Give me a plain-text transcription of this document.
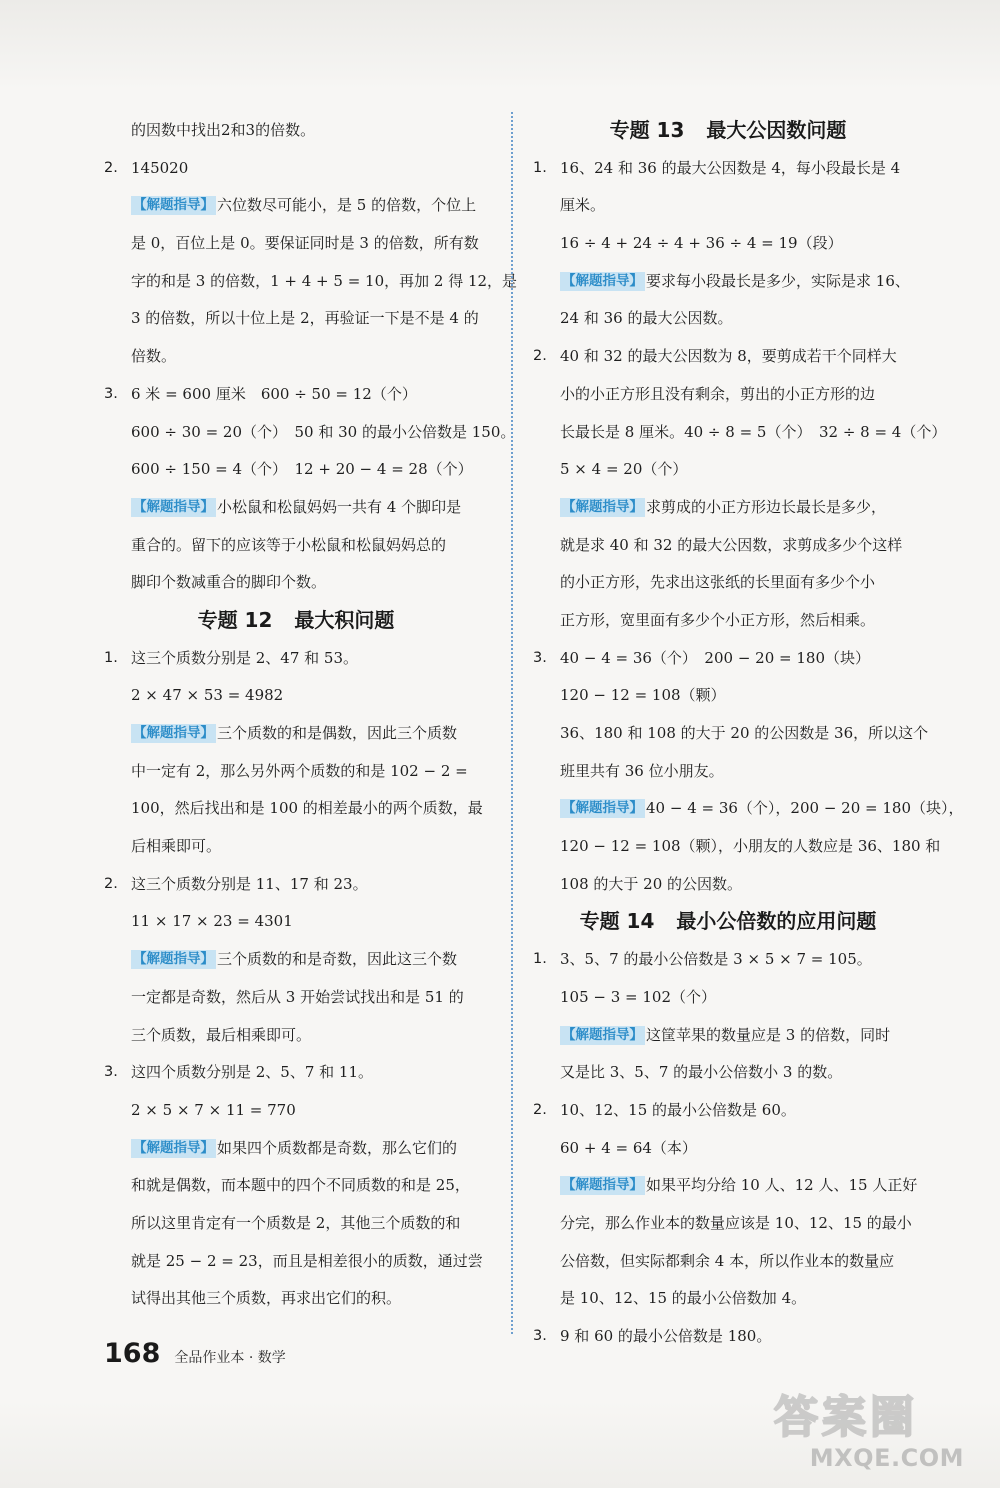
的因数中找出2和3的倍数。
2. 145020
【解题指导】 六位数尽可能小，是 5 的倍数，个位上
是 0，百位上是 0。要保证同时是 3 的倍数，所有数
字的和是 3 的倍数，1 + 4 + 5 = 10，再加 2 得 12，是
3 的倍数，所以十位上是 2，再验证一下是不是 4 的
倍数。
3. 6 米 = 600 厘米　600 ÷ 50 = 12（个）
600 ÷ 30 = 20（个）　50 和 30 的最小公倍数是 150。
600 ÷ 150 = 4（个）　12 + 20 − 4 = 28（个）
【解题指导】 小松鼠和松鼠妈妈一共有 4 个脚印是
重合的。留下的应该等于小松鼠和松鼠妈妈总的
脚印个数减重合的脚印个数。
专题 12 最大积问题
1. 这三个质数分别是 2、47 和 53。
2 × 47 × 53 = 4982
【解题指导】 三个质数的和是偶数，因此三个质数
中一定有 2，那么另外两个质数的和是 102 − 2 =
100，然后找出和是 100 的相差最小的两个质数，最
后相乘即可。
2. 这三个质数分别是 11、17 和 23。
11 × 17 × 23 = 4301
【解题指导】 三个质数的和是奇数，因此这三个数
一定都是奇数，然后从 3 开始尝试找出和是 51 的
三个质数，最后相乘即可。
3. 这四个质数分别是 2、5、7 和 11。
2 × 5 × 7 × 11 = 770
【解题指导】 如果四个质数都是奇数，那么它们的
和就是偶数，而本题中的四个不同质数的和是 25，
所以这里肯定有一个质数是 2，其他三个质数的和
就是 25 − 2 = 23，而且是相差很小的质数，通过尝
试得出其他三个质数，再求出它们的积。
专题 13 最大公因数问题
1. 16、24 和 36 的最大公因数是 4，每小段最长是 4
厘米。
16 ÷ 4 + 24 ÷ 4 + 36 ÷ 4 = 19（段）
【解题指导】 要求每小段最长是多少，实际是求 16、
24 和 36 的最大公因数。
2. 40 和 32 的最大公因数为 8，要剪成若干个同样大
小的小正方形且没有剩余，剪出的小正方形的边
长最长是 8 厘米。40 ÷ 8 = 5（个）　32 ÷ 8 = 4（个）
5 × 4 = 20（个）
【解题指导】 求剪成的小正方形边长最长是多少，
就是求 40 和 32 的最大公因数，求剪成多少个这样
的小正方形，先求出这张纸的长里面有多少个小
正方形，宽里面有多少个小正方形，然后相乘。
3. 40 − 4 = 36（个）　200 − 20 = 180（块）
120 − 12 = 108（颗）
36、180 和 108 的大于 20 的公因数是 36，所以这个
班里共有 36 位小朋友。
【解题指导】 40 − 4 = 36（个），200 − 20 = 180（块），
120 − 12 = 108（颗），小朋友的人数应是 36、180 和
108 的大于 20 的公因数。
专题 14 最小公倍数的应用问题
1. 3、5、7 的最小公倍数是 3 × 5 × 7 = 105。
105 − 3 = 102（个）
【解题指导】 这筐苹果的数量应是 3 的倍数，同时
又是比 3、5、7 的最小公倍数小 3 的数。
2. 10、12、15 的最小公倍数是 60。
60 + 4 = 64（本）
【解题指导】 如果平均分给 10 人、12 人、15 人正好
分完，那么作业本的数量应该是 10、12、15 的最小
公倍数，但实际都剩余 4 本，所以作业本的数量应
是 10、12、15 的最小公倍数加 4。
3. 9 和 60 的最小公倍数是 180。
168 全品作业本 · 数学
答案圈
MXQE.COM
